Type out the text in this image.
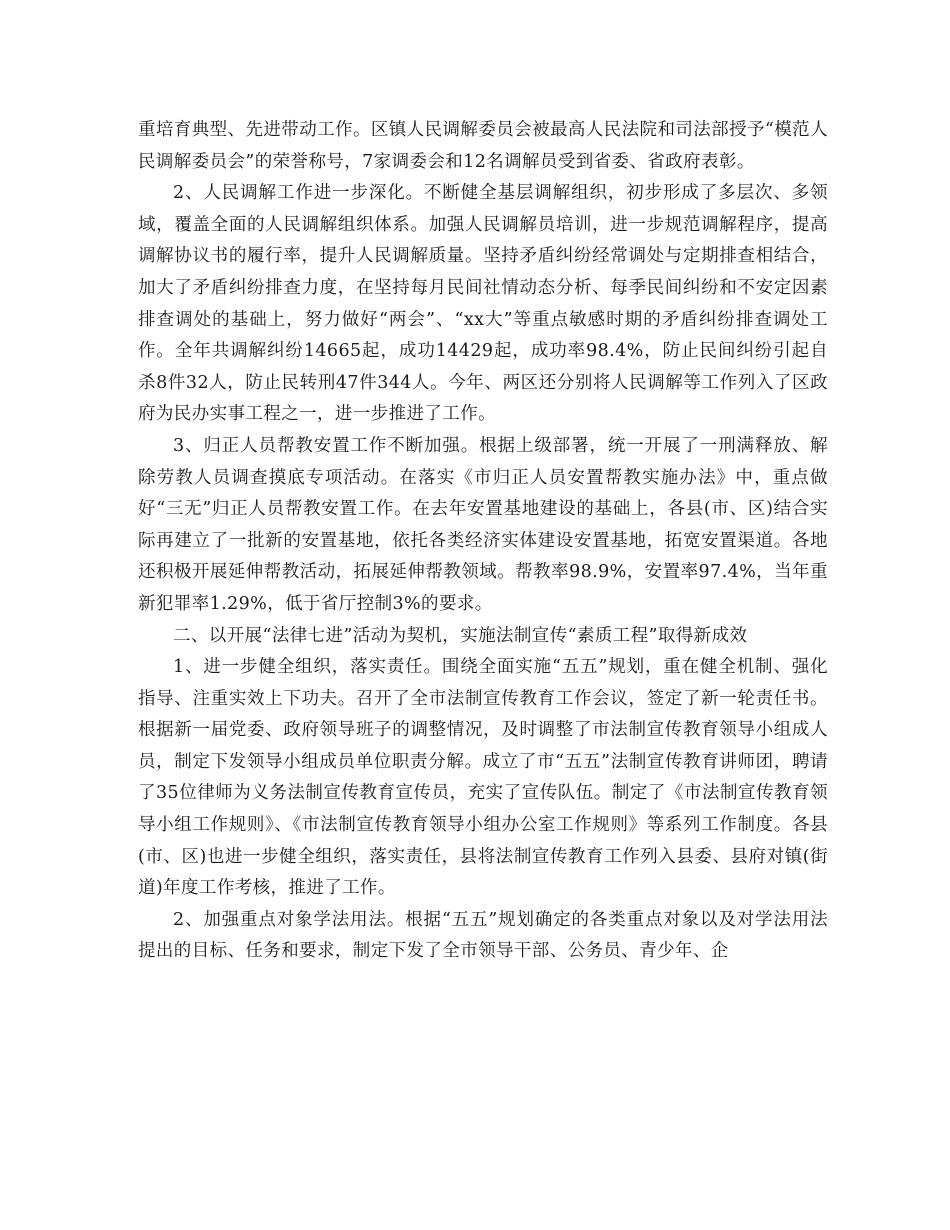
重培育典型、先进带动工作。区镇人民调解委员会被最高人民法院和司法部授予“模范人民调解委员会”的荣誉称号，7家调委会和12名调解员受到省委、省政府表彰。

2、人民调解工作进一步深化。不断健全基层调解组织，初步形成了多层次、多领域，覆盖全面的人民调解组织体系。加强人民调解员培训，进一步规范调解程序，提高调解协议书的履行率，提升人民调解质量。坚持矛盾纠纷经常调处与定期排查相结合，加大了矛盾纠纷排查力度，在坚持每月民间社情动态分析、每季民间纠纷和不安定因素排查调处的基础上，努力做好“两会”、“xx大”等重点敏感时期的矛盾纠纷排查调处工作。全年共调解纠纷14665起，成功14429起，成功率98.4%，防止民间纠纷引起自杀8件32人，防止民转刑47件344人。今年、两区还分别将人民调解等工作列入了区政府为民办实事工程之一，进一步推进了工作。

3、归正人员帮教安置工作不断加强。根据上级部署，统一开展了一刑满释放、解除劳教人员调查摸底专项活动。在落实《市归正人员安置帮教实施办法》中，重点做好“三无”归正人员帮教安置工作。在去年安置基地建设的基础上，各县(市、区)结合实际再建立了一批新的安置基地，依托各类经济实体建设安置基地，拓宽安置渠道。各地还积极开展延伸帮教活动，拓展延伸帮教领域。帮教率98.9%，安置率97.4%，当年重新犯罪率1.29%，低于省厅控制3%的要求。

二、以开展“法律七进”活动为契机，实施法制宣传“素质工程”取得新成效

1、进一步健全组织，落实责任。围绕全面实施“五五”规划，重在健全机制、强化指导、注重实效上下功夫。召开了全市法制宣传教育工作会议，签定了新一轮责任书。根据新一届党委、政府领导班子的调整情况，及时调整了市法制宣传教育领导小组成人员，制定下发领导小组成员单位职责分解。成立了市“五五”法制宣传教育讲师团，聘请了35位律师为义务法制宣传教育宣传员，充实了宣传队伍。制定了《市法制宣传教育领导小组工作规则》、《市法制宣传教育领导小组办公室工作规则》等系列工作制度。各县(市、区)也进一步健全组织，落实责任，县将法制宣传教育工作列入县委、县府对镇(街道)年度工作考核，推进了工作。

2、加强重点对象学法用法。根据“五五”规划确定的各类重点对象以及对学法用法提出的目标、任务和要求，制定下发了全市领导干部、公务员、青少年、企
